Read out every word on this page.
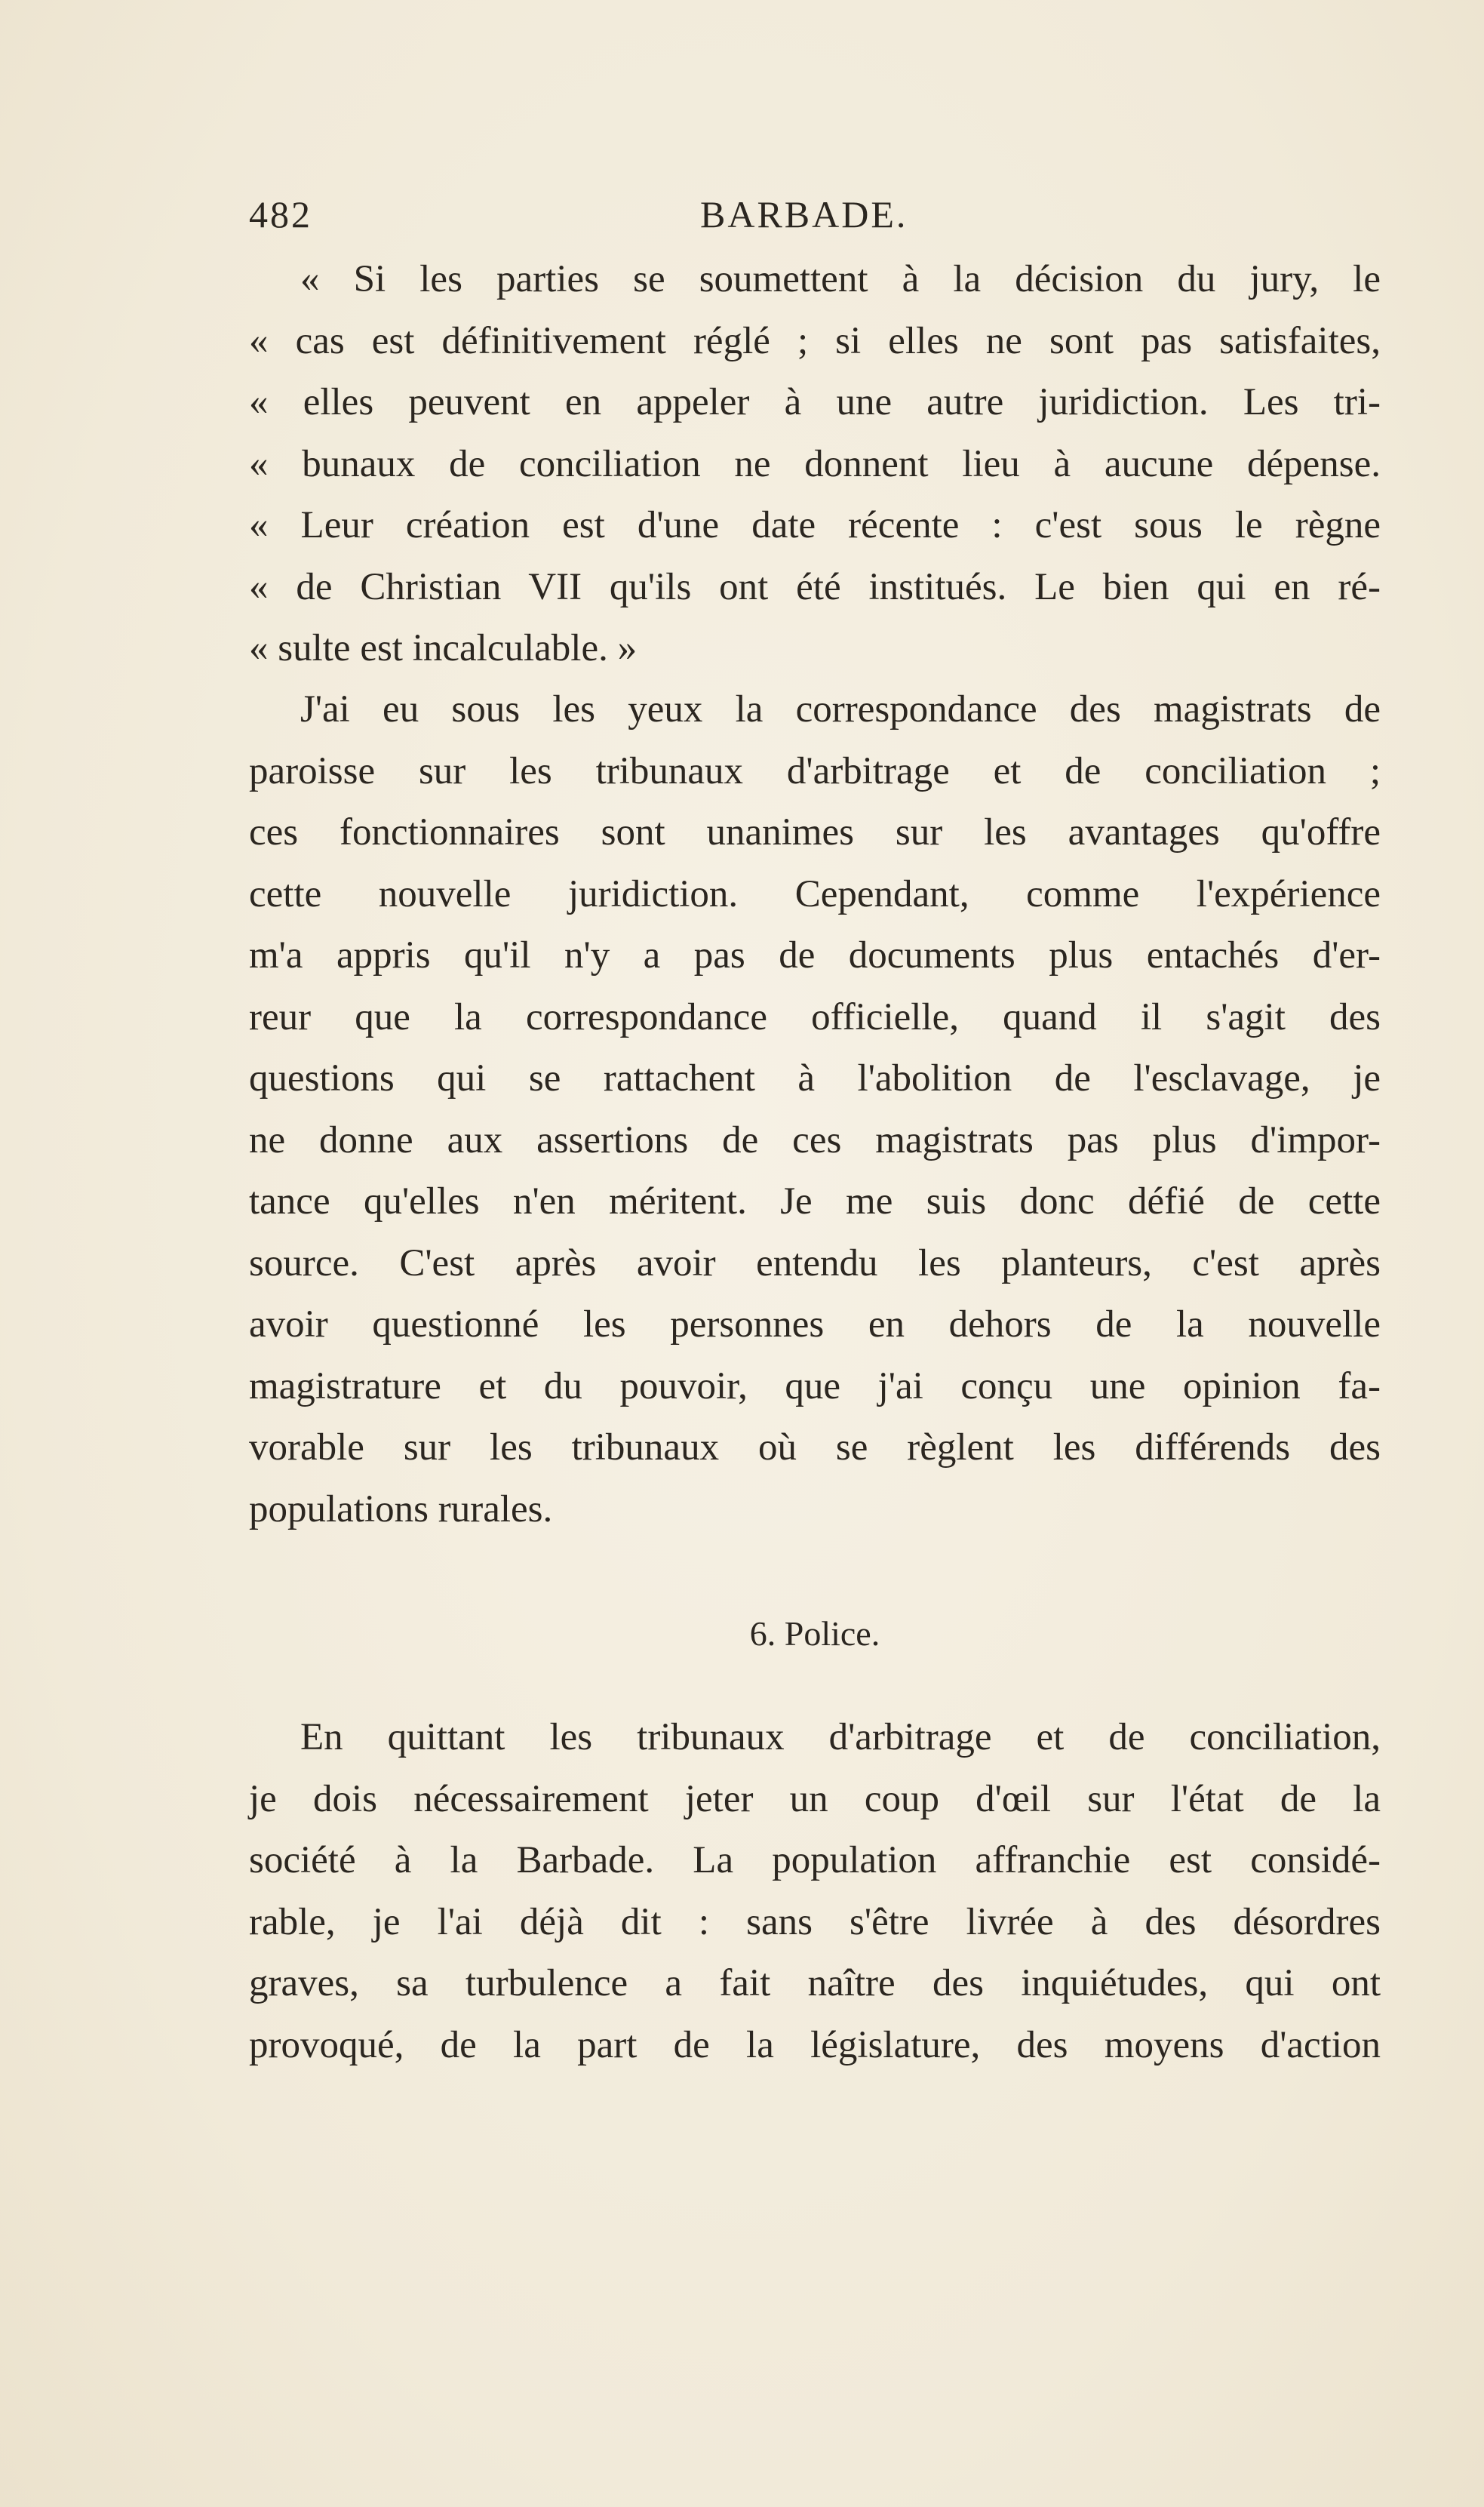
482	BARBADE.
« Si les parties se soumettent à la décision du jury, le
« cas est définitivement réglé ; si elles ne sont pas satisfaites,
« elles peuvent en appeler à une autre juridiction. Les tri-
« bunaux de conciliation ne donnent lieu à aucune dépense.
« Leur création est d'une date récente : c'est sous le règne
« de Christian VII qu'ils ont été institués. Le bien qui en ré-
« sulte est incalculable. »
J'ai eu sous les yeux la correspondance des magistrats de
paroisse sur les tribunaux d'arbitrage et de conciliation ;
ces fonctionnaires sont unanimes sur les avantages qu'offre
cette nouvelle juridiction. Cependant, comme l'expérience
m'a appris qu'il n'y a pas de documents plus entachés d'er-
reur que la correspondance officielle, quand il s'agit des
questions qui se rattachent à l'abolition de l'esclavage, je
ne donne aux assertions de ces magistrats pas plus d'impor-
tance qu'elles n'en méritent. Je me suis donc défié de cette
source. C'est après avoir entendu les planteurs, c'est après
avoir questionné les personnes en dehors de la nouvelle
magistrature et du pouvoir, que j'ai conçu une opinion fa-
vorable sur les tribunaux où se règlent les différends des
populations rurales.
6. Police.
En quittant les tribunaux d'arbitrage et de conciliation,
je dois nécessairement jeter un coup d'œil sur l'état de la
société à la Barbade. La population affranchie est considé-
rable, je l'ai déjà dit : sans s'être livrée à des désordres
graves, sa turbulence a fait naître des inquiétudes, qui ont
provoqué, de la part de la législature, des moyens d'action
